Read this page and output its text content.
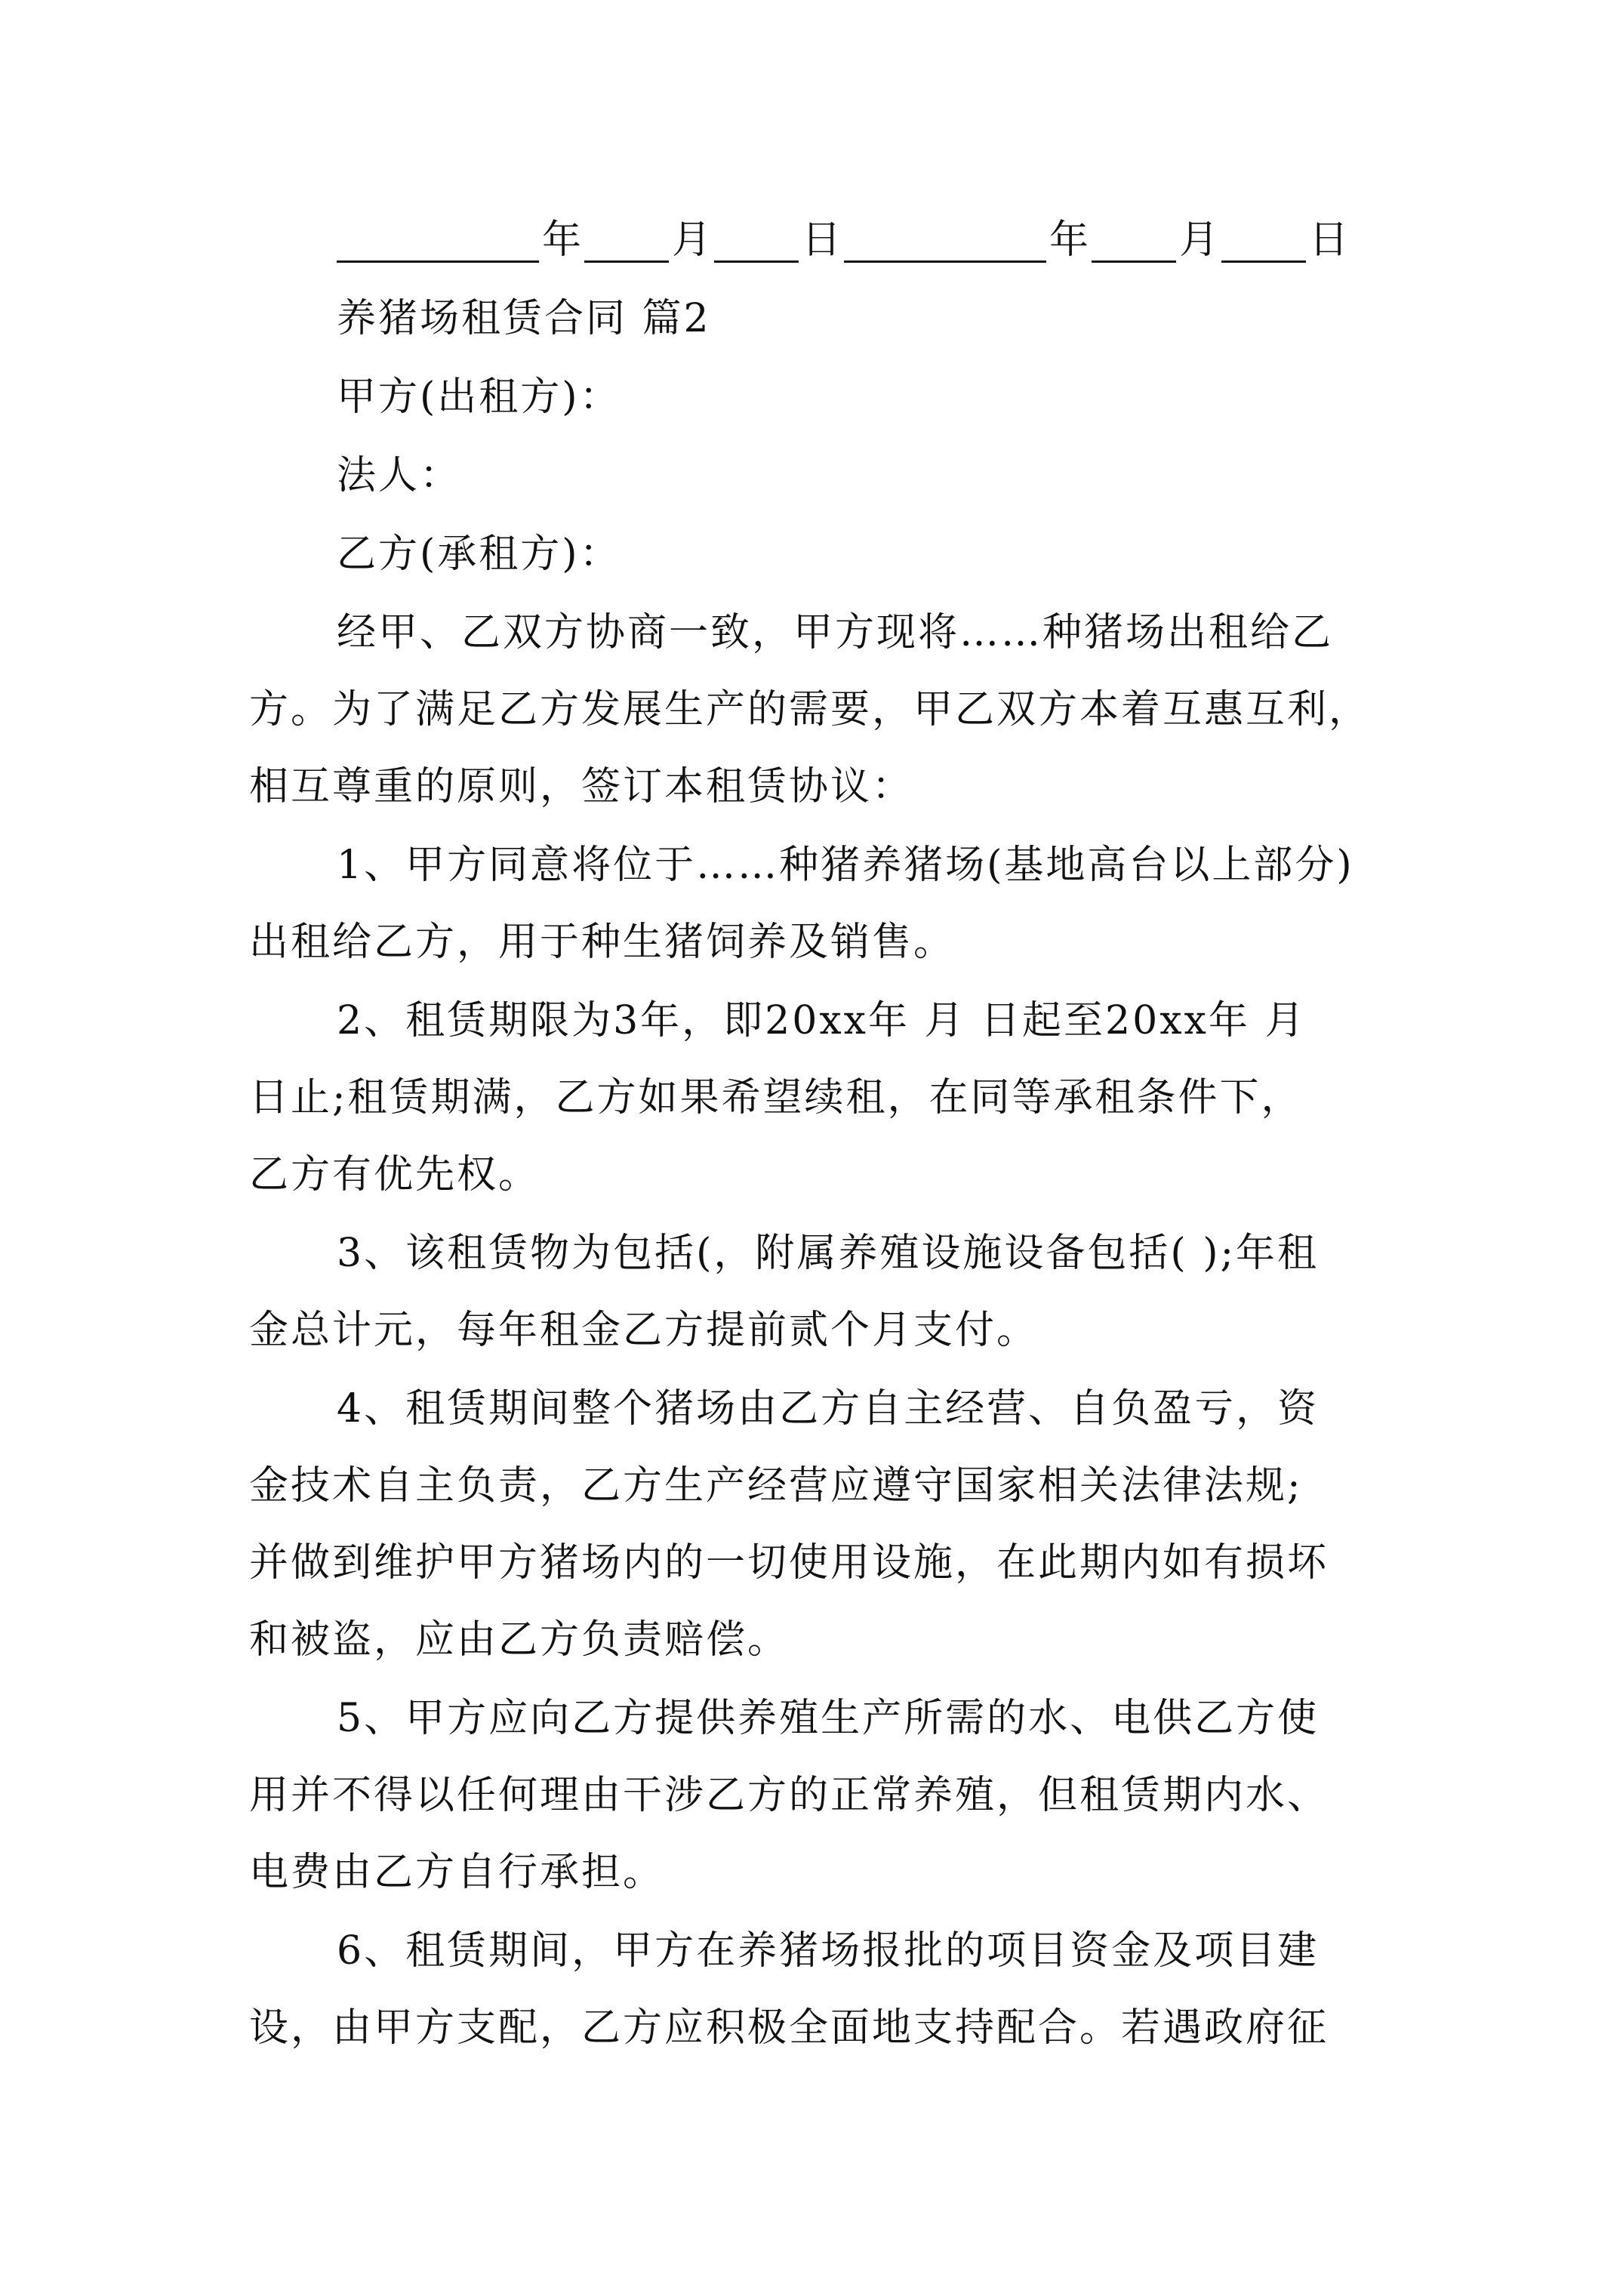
年 月 日	年 月 日
养猪场租赁合同 篇2
甲方(出租方)：
法人：
乙方(承租方)：
经甲、乙双方协商一致，甲方现将……种猪场出租给乙
方。为了满足乙方发展生产的需要，甲乙双方本着互惠互利，
相互尊重的原则，签订本租赁协议：
1、甲方同意将位于……种猪养猪场(基地高台以上部分)
出租给乙方，用于种生猪饲养及销售。
2、租赁期限为3年，即20xx年 月 日起至20xx年 月
日止;租赁期满，乙方如果希望续租，在同等承租条件下，
乙方有优先权。
3、该租赁物为包括(，附属养殖设施设备包括( );年租
金总计元，每年租金乙方提前贰个月支付。
4、租赁期间整个猪场由乙方自主经营、自负盈亏，资
金技术自主负责，乙方生产经营应遵守国家相关法律法规;
并做到维护甲方猪场内的一切使用设施，在此期内如有损坏
和被盗，应由乙方负责赔偿。
5、甲方应向乙方提供养殖生产所需的水、电供乙方使
用并不得以任何理由干涉乙方的正常养殖，但租赁期内水、
电费由乙方自行承担。
6、租赁期间，甲方在养猪场报批的项目资金及项目建
设，由甲方支配，乙方应积极全面地支持配合。若遇政府征
